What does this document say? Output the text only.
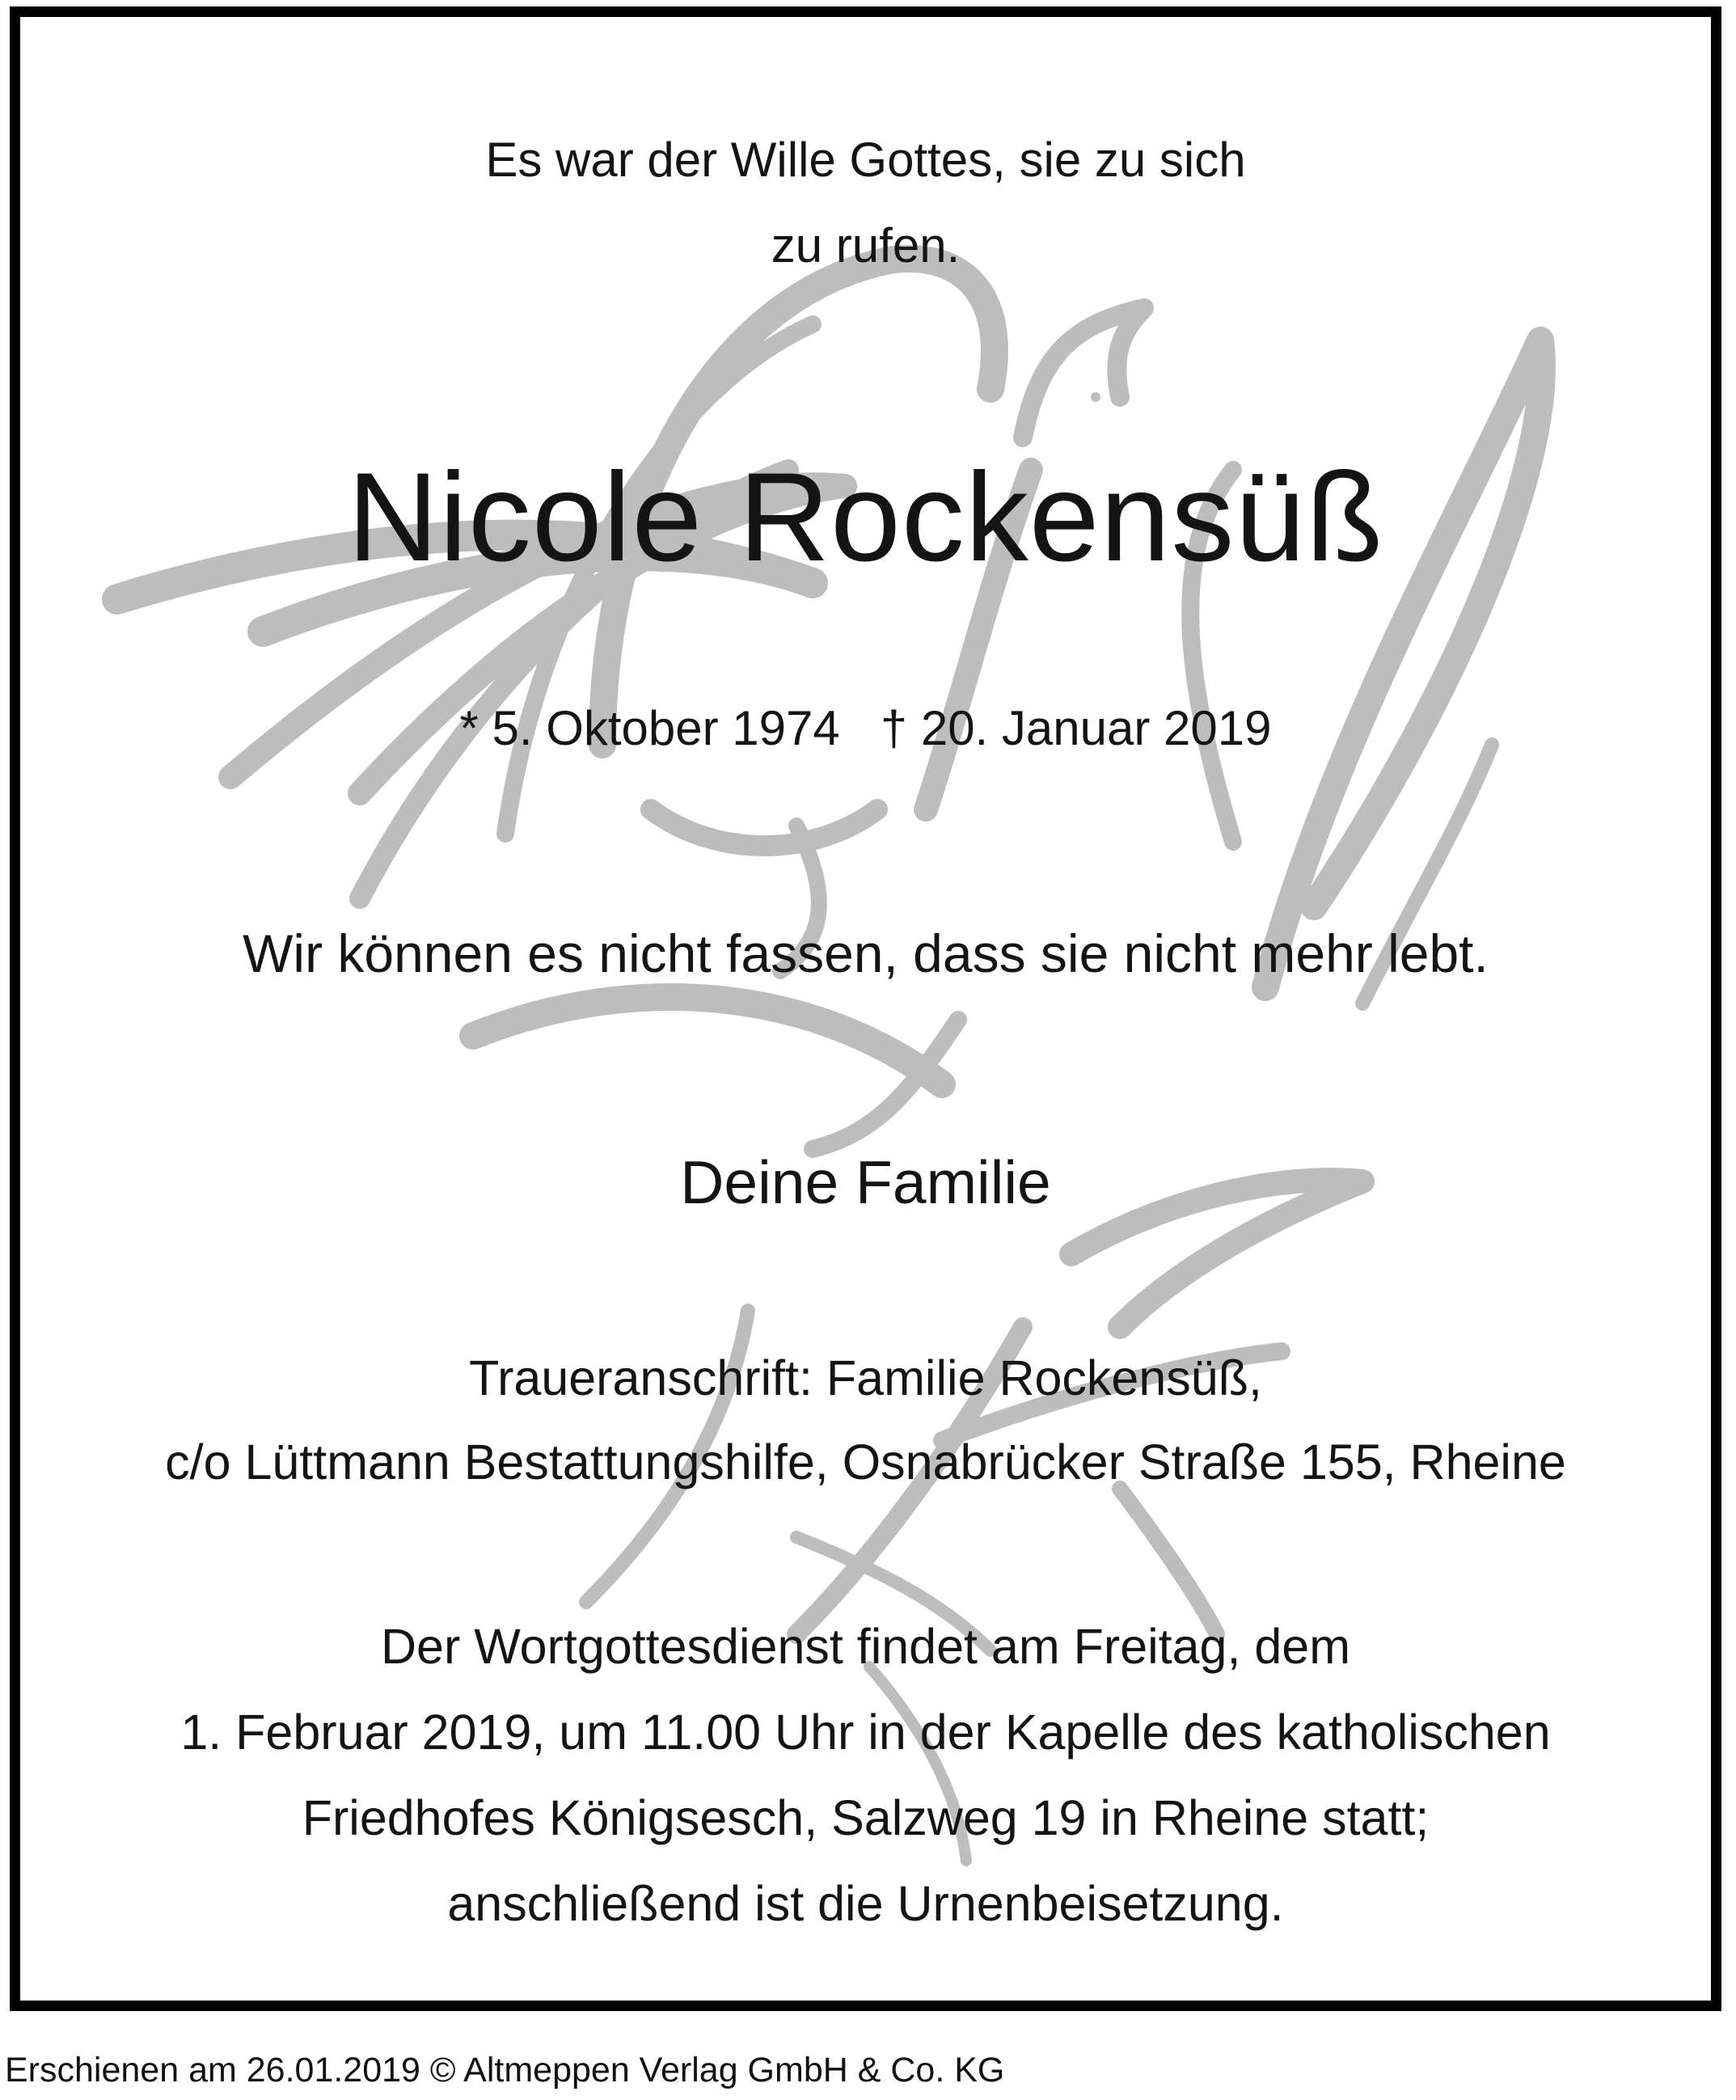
Es war der Wille Gottes, sie zu sich
zu rufen.
Nicole Rockensüß
* 5. Oktober 1974   † 20. Januar 2019
Wir können es nicht fassen, dass sie nicht mehr lebt.
Deine Familie
Traueranschrift: Familie Rockensüß,
c/o Lüttmann Bestattungshilfe, Osnabrücker Straße 155, Rheine
Der Wortgottesdienst findet am Freitag, dem
1. Februar 2019, um 11.00 Uhr in der Kapelle des katholischen
Friedhofes Königsesch, Salzweg 19 in Rheine statt;
anschließend ist die Urnenbeisetzung.
Erschienen am 26.01.2019 © Altmeppen Verlag GmbH & Co. KG
